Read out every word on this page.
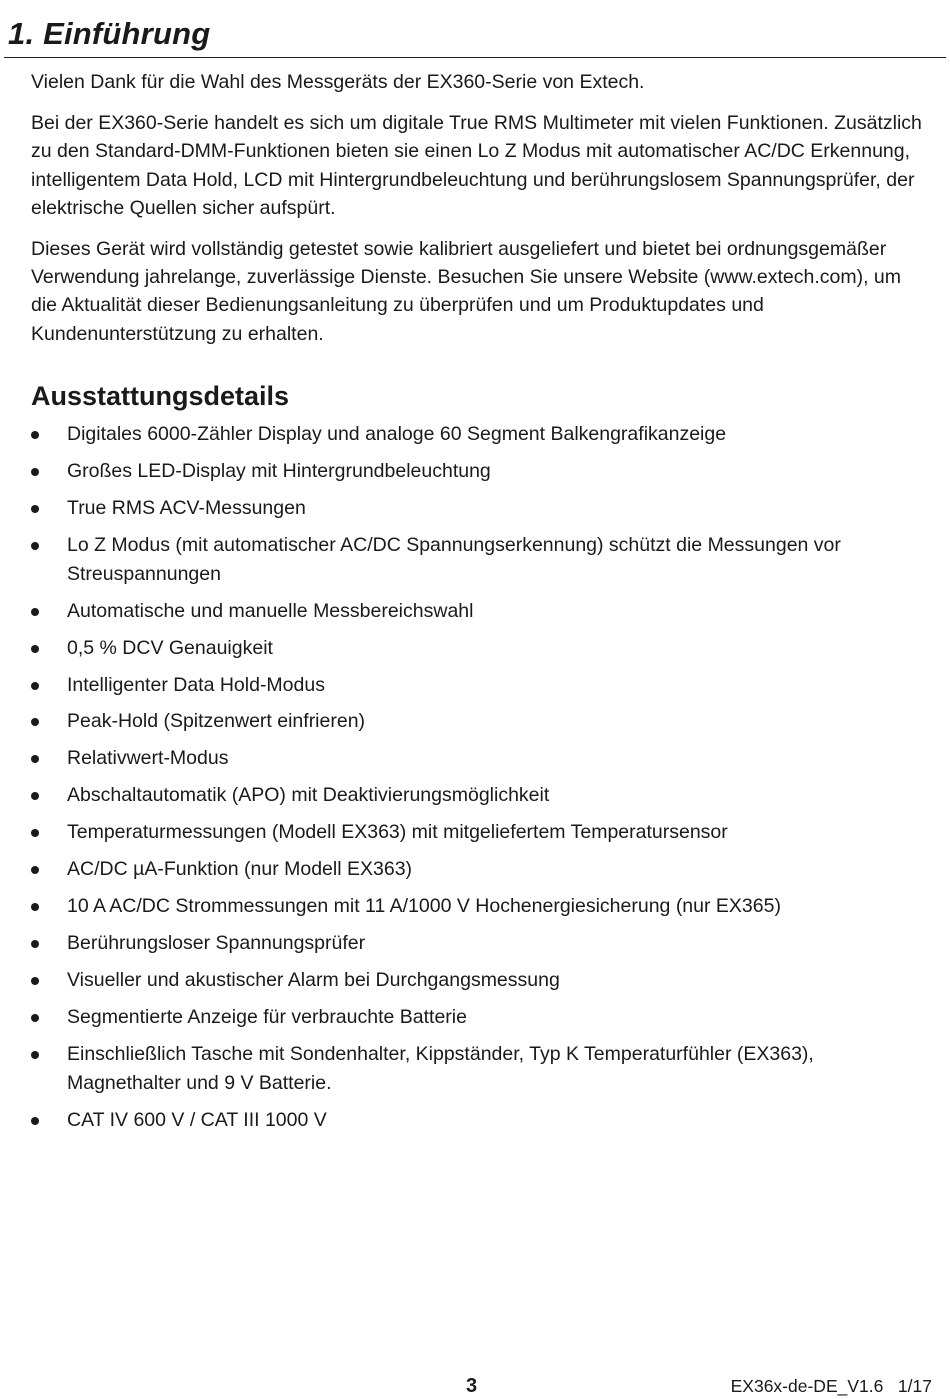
1. Einführung

Vielen Dank für die Wahl des Messgeräts der EX360-Serie von Extech.

Bei der EX360-Serie handelt es sich um digitale True RMS Multimeter mit vielen Funktionen. Zusätzlich zu den Standard-DMM-Funktionen bieten sie einen Lo Z Modus mit automatischer AC/DC Erkennung, intelligentem Data Hold, LCD mit Hintergrundbeleuchtung und berührungslosem Spannungsprüfer, der elektrische Quellen sicher aufspürt.

Dieses Gerät wird vollständig getestet sowie kalibriert ausgeliefert und bietet bei ordnungsgemäßer Verwendung jahrelange, zuverlässige Dienste. Besuchen Sie unsere Website (www.extech.com), um die Aktualität dieser Bedienungsanleitung zu überprüfen und um Produktupdates und Kundenunterstützung zu erhalten.

Ausstattungsdetails
Digitales 6000-Zähler Display und analoge 60 Segment Balkengrafikanzeige
Großes LED-Display mit Hintergrundbeleuchtung
True RMS ACV-Messungen
Lo Z Modus (mit automatischer AC/DC Spannungserkennung) schützt die Messungen vor Streuspannungen
Automatische und manuelle Messbereichswahl
0,5 % DCV Genauigkeit
Intelligenter Data Hold-Modus
Peak-Hold (Spitzenwert einfrieren)
Relativwert-Modus
Abschaltautomatik (APO) mit Deaktivierungsmöglichkeit
Temperaturmessungen (Modell EX363) mit mitgeliefertem Temperatursensor
AC/DC µA-Funktion (nur Modell EX363)
10 A AC/DC Strommessungen mit 11 A/1000 V Hochenergiesicherung (nur EX365)
Berührungsloser Spannungsprüfer
Visueller und akustischer Alarm bei Durchgangsmessung
Segmentierte Anzeige für verbrauchte Batterie
Einschließlich Tasche mit Sondenhalter, Kippständer, Typ K Temperaturfühler (EX363), Magnethalter und 9 V Batterie.
CAT IV 600 V / CAT III 1000 V
3	EX36x-de-DE_V1.6   1/17
